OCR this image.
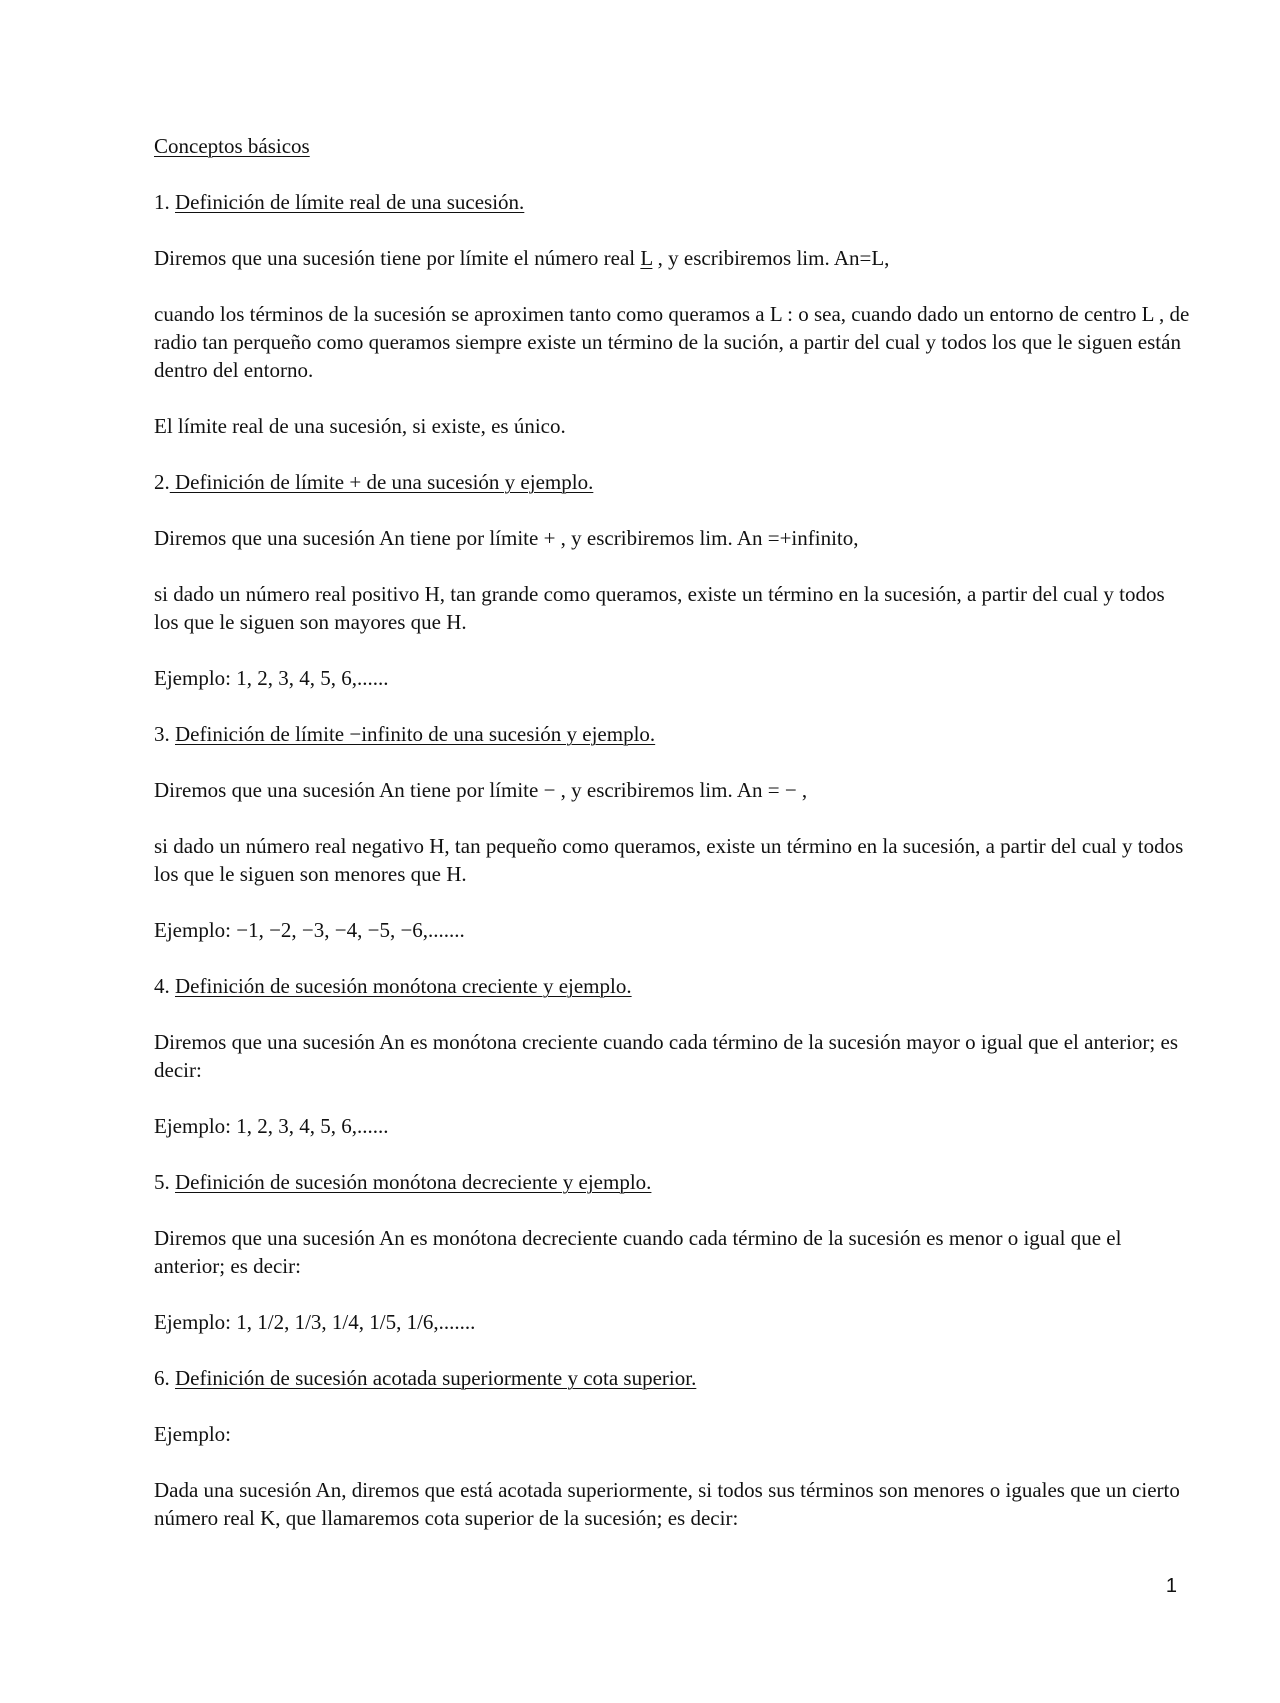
Conceptos básicos

1. Definición de límite real de una sucesión.

Diremos que una sucesión tiene por límite el número real L , y escribiremos lim. An=L,

cuando los términos de la sucesión se aproximen tanto como queramos a L : o sea, cuando dado un entorno de centro L , de radio tan perqueño como queramos siempre existe un término de la sución, a partir del cual y todos los que le siguen están dentro del entorno.

El límite real de una sucesión, si existe, es único.

2. Definición de límite + de una sucesión y ejemplo.

Diremos que una sucesión An tiene por límite + , y escribiremos lim. An =+infinito,

si dado un número real positivo H, tan grande como queramos, existe un término en la sucesión, a partir del cual y todos los que le siguen son mayores que H.

Ejemplo: 1, 2, 3, 4, 5, 6,......

3. Definición de límite −infinito de una sucesión y ejemplo.

Diremos que una sucesión An tiene por límite − , y escribiremos lim. An = − ,

si dado un número real negativo H, tan pequeño como queramos, existe un término en la sucesión, a partir del cual y todos los que le siguen son menores que H.

Ejemplo: −1, −2, −3, −4, −5, −6,.......

4. Definición de sucesión monótona creciente y ejemplo.

Diremos que una sucesión An es monótona creciente cuando cada término de la sucesión mayor o igual que el anterior; es decir:

Ejemplo: 1, 2, 3, 4, 5, 6,......

5. Definición de sucesión monótona decreciente y ejemplo.

Diremos que una sucesión An es monótona decreciente cuando cada término de la sucesión es menor o igual que el anterior; es decir:

Ejemplo: 1, 1/2, 1/3, 1/4, 1/5, 1/6,.......

6. Definición de sucesión acotada superiormente y cota superior.

Ejemplo:

Dada una sucesión An, diremos que está acotada superiormente, si todos sus términos son menores o iguales que un cierto número real K, que llamaremos cota superior de la sucesión; es decir:

1
